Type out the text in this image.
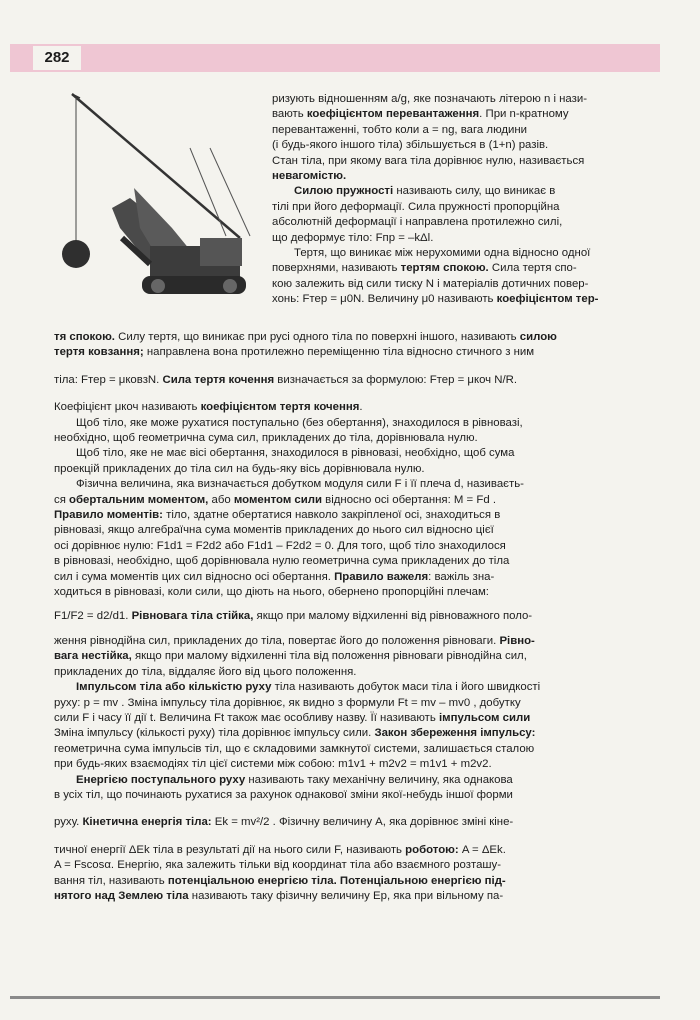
282

ризують відношенням a/g, яке позначають літерою n і нази-

вають коефіцієнтом перевантаження. При n-кратному

перевантаженні, тобто коли a = ng, вага людини

(і будь-якого іншого тіла) збільшується в (1+n) разів.

Стан тіла, при якому вага тіла дорівнює нулю, називається

невагомістю.

Силою пружності називають силу, що виникає в

тілі при його деформації. Сила пружності пропорційна

абсолютній деформації і направлена протилежно силі,

що деформує тіло: Fпр = –kΔl.

Тертя, що виникає між нерухомими одна відносно одної

поверхнями, називають тертям спокою. Сила тертя спо-

кою залежить від сили тиску N і матеріалів дотичних повер-

хонь: Fтер = μ0N. Величину μ0 називають коефіцієнтом тер-

тя спокою. Силу тертя, що виникає при русі одного тіла по поверхні іншого, називають силою

тертя ковзання; направлена вона протилежно переміщенню тіла відносно стичного з ним

тіла: Fтер = μковзN. Сила тертя кочення визначається за формулою: Fтер = μкоч N/R.

Коефіцієнт μкоч називають коефіцієнтом тертя кочення.

Щоб тіло, яке може рухатися поступально (без обертання), знаходилося в рівновазі,

необхідно, щоб геометрична сума сил, прикладених до тіла, дорівнювала нулю.

Щоб тіло, яке не має вісі обертання, знаходилося в рівновазі, необхідно, щоб сума

проекцій прикладених до тіла сил на будь-яку вісь дорівнювала нулю.

Фізична величина, яка визначається добутком модуля сили F і її плеча d, називаєть-

ся обертальним моментом, або моментом сили відносно осі обертання: M = Fd .

Правило моментів: тіло, здатне обертатися навколо закріпленої осі, знаходиться в

рівновазі, якщо алгебраїчна сума моментів прикладених до нього сил відносно цієї

осі дорівнює нулю: F1d1 = F2d2 або F1d1 – F2d2 = 0. Для того, щоб тіло знаходилося

в рівновазі, необхідно, щоб дорівнювала нулю геометрична сума прикладених до тіла

сил і сума моментів цих сил відносно осі обертання. Правило важеля: важіль зна-

ходиться в рівновазі, коли сили, що діють на нього, обернено пропорційні плечам:

F1/F2 = d2/d1. Рівновага тіла стійка, якщо при малому відхиленні від рівноважного поло-

ження рівнодійна сил, прикладених до тіла, повертає його до положення рівноваги. Рівно-

вага нестійка, якщо при малому відхиленні тіла від положення рівноваги рівнодійна сил,

прикладених до тіла, віддаляє його від цього положення.

Імпульсом тіла або кількістю руху тіла називають добуток маси тіла і його швидкості

руху: p = mv . Зміна імпульсу тіла дорівнює, як видно з формули Ft = mv – mv0 , добутку

сили F і часу її дії t. Величина Ft також має особливу назву. Її називають імпульсом сили

Зміна імпульсу (кількості руху) тіла дорівнює імпульсу сили. Закон збереження імпульсу:

геометрична сума імпульсів тіл, що є складовими замкнутої системи, залишається сталою

при будь-яких взаємодіях тіл цієї системи між собою: m1v1 + m2v2 = m1v1 + m2v2.

Енергією поступального руху називають таку механічну величину, яка однакова

в усіх тіл, що починають рухатися за рахунок однакової зміни якої-небудь іншої форми

руху. Кінетична енергія тіла: Ek = mv²/2 . Фізичну величину A, яка дорівнює зміні кіне-

тичної енергії ΔEk тіла в результаті дії на нього сили F, називають роботою: A = ΔEk.

A = Fscosα. Енергію, яка залежить тільки від координат тіла або взаємного розташу-

вання тіл, називають потенціальною енергією тіла. Потенціальною енергією під-

нятого над Землею тіла називають таку фізичну величину Ep, яка при вільному па-
